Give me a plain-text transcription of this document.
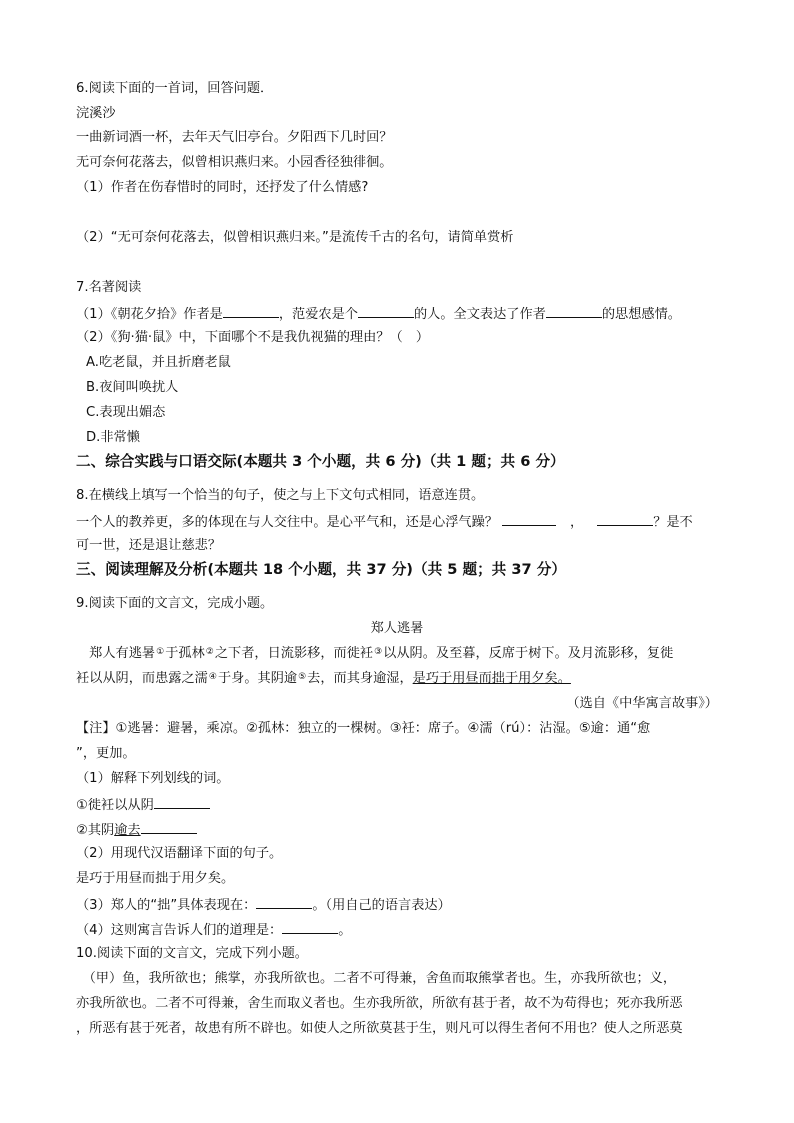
6.阅读下面的一首词，回答问题．
浣溪沙
一曲新词酒一杯，去年天气旧亭台。夕阳西下几时回？
无可奈何花落去，似曾相识燕归来。小园香径独徘徊。
（1）作者在伤春惜时的同时，还抒发了什么情感?
（2）“无可奈何花落去，似曾相识燕归来。”是流传千古的名句，请简单赏析
7.名著阅读
（1）《朝花夕拾》作者是	，范爱农是个	的人。全文表达了作者	的思想感情。
（2）《狗·猫·鼠》中，下面哪个不是我仇视猫的理由？（　）
A.吃老鼠，并且折磨老鼠
B.夜间叫唤扰人
C.表现出媚态
D.非常懒
二、综合实践与口语交际(本题共 3 个小题，共 6 分)（共 1 题；共 6 分）
8.在横线上填写一个恰当的句子，使之与上下文句式相同，语意连贯。
一个人的教养更，多的体现在与人交往中。是心平气和，还是心浮气躁？	，	？是不
可一世，还是退让慈悲？
三、阅读理解及分析(本题共 18 个小题，共 37 分)（共 5 题；共 37 分）
9.阅读下面的文言文，完成小题。
郑人逃暑
　郑人有逃暑①于孤林②之下者，日流影移，而徙衽③以从阴。及至暮，反席于树下。及月流影移，复徙
衽以从阴，而患露之濡④于身。其阴逾⑤去，而其身逾湿，是巧于用昼而拙于用夕矣。
（选自《中华寓言故事》）
【注】①逃暑：避暑，乘凉。②孤林：独立的一棵树。③衽：席子。④濡（rú）：沾湿。⑤逾：通“愈
”，更加。
（1）解释下列划线的词。
①徙衽以从阴
②其阴逾去
（2）用现代汉语翻译下面的句子。
是巧于用昼而拙于用夕矣。
（3）郑人的“拙”具体表现在：	。（用自己的语言表达）
（4）这则寓言告诉人们的道理是：	。
10.阅读下面的文言文，完成下列小题。
　（甲）鱼，我所欲也；熊掌，亦我所欲也。二者不可得兼，舍鱼而取熊掌者也。生，亦我所欲也；义，
亦我所欲也。二者不可得兼，舍生而取义者也。生亦我所欲，所欲有甚于者，故不为苟得也；死亦我所恶
，所恶有甚于死者，故患有所不辟也。如使人之所欲莫甚于生，则凡可以得生者何不用也？使人之所恶莫
